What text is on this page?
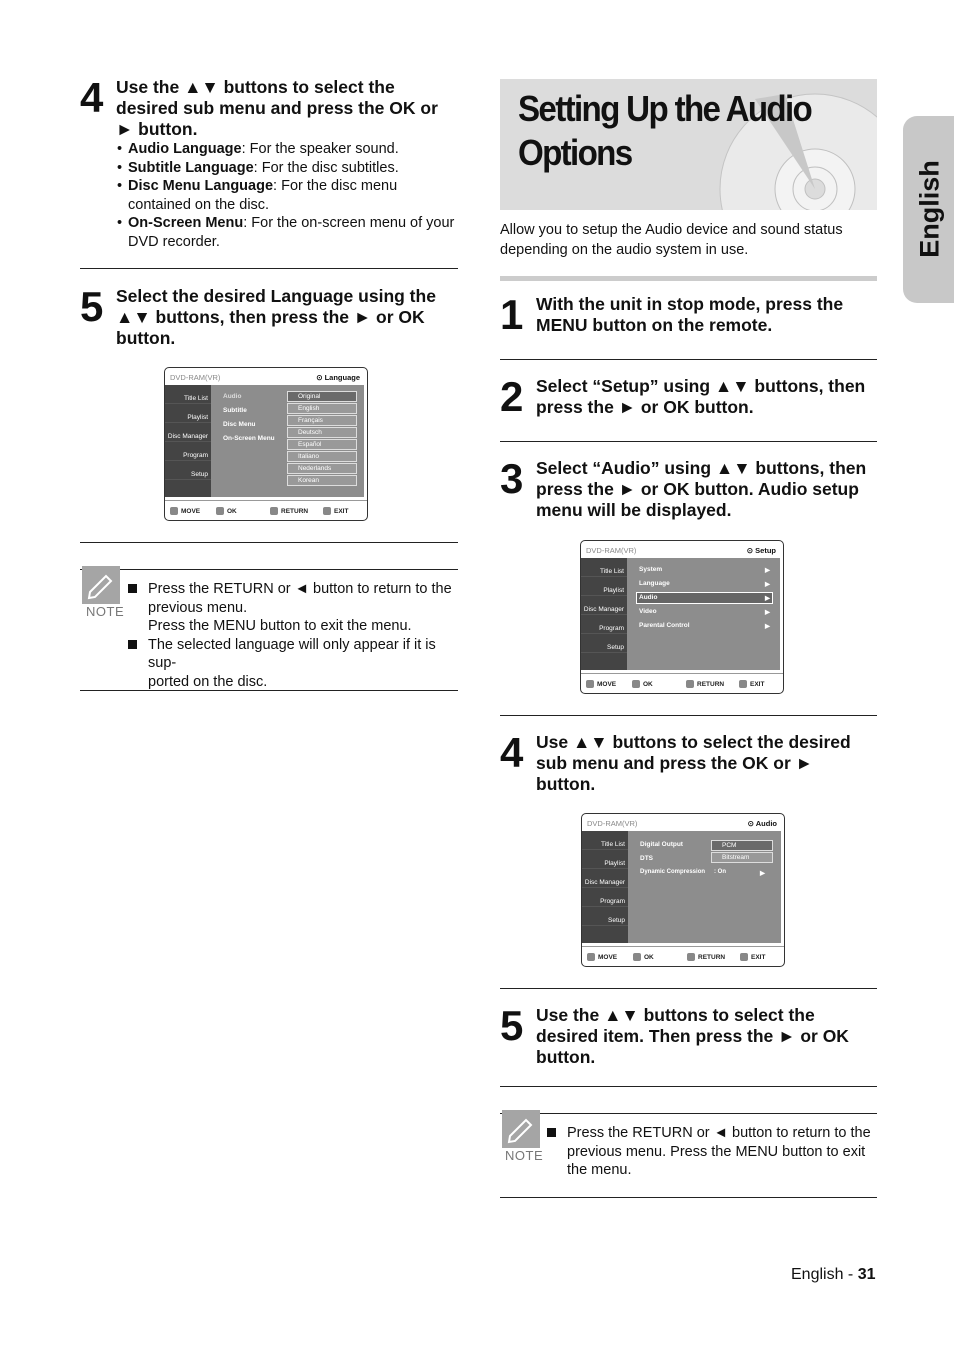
English
4 Use the ▲▼ buttons to select the
desired sub menu and press the OK or
► button.
• Audio Language: For the speaker sound.
• Subtitle Language: For the disc subtitles.
• Disc Menu Language: For the disc menu contained on the disc.
• On-Screen Menu: For the on-screen menu of your DVD recorder.
5 Select the desired Language using the
▲▼ buttons, then press the ► or OK
button.
DVD-RAM(VR)	⊙ Language
Title List
Playlist
Disc Manager
Program
Setup
Audio
Subtitle
Disc Menu
On-Screen Menu
Original
English
Français
Deutsch
Español
Italiano
Nederlands
Korean
MOVE	OK	RETURN	EXIT
NOTE
Press the RETURN or ◄ button to return to the
previous menu.
Press the MENU button to exit the menu.
The selected language will only appear if it is sup-
ported on the disc.
Setting Up the Audio
Options
Allow you to setup the Audio device and sound status
depending on the audio system in use.
1 With the unit in stop mode, press the
MENU button on the remote.
2 Select “Setup” using ▲▼ buttons, then
press the ► or OK button.
3 Select “Audio” using ▲▼ buttons, then
press the ► or OK button. Audio setup
menu will be displayed.
DVD-RAM(VR)	⊙ Setup
Title List
Playlist
Disc Manager
Program
Setup
System
Language
Audio
Video
Parental Control
▶
▶
▶
▶
▶
MOVE	OK	RETURN	EXIT
4 Use ▲▼ buttons to select the desired
sub menu and press the OK or ►
button.
DVD-RAM(VR)	⊙ Audio
Title List
Playlist
Disc Manager
Program
Setup
Digital Output
DTS
Dynamic Compression : On	▶
PCM
Bitstream
MOVE	OK	RETURN	EXIT
5 Use the ▲▼ buttons to select the
desired item. Then press the ► or OK
button.
NOTE
Press the RETURN or ◄ button to return to the
previous menu. Press the MENU button to exit
the menu.
English - 31
